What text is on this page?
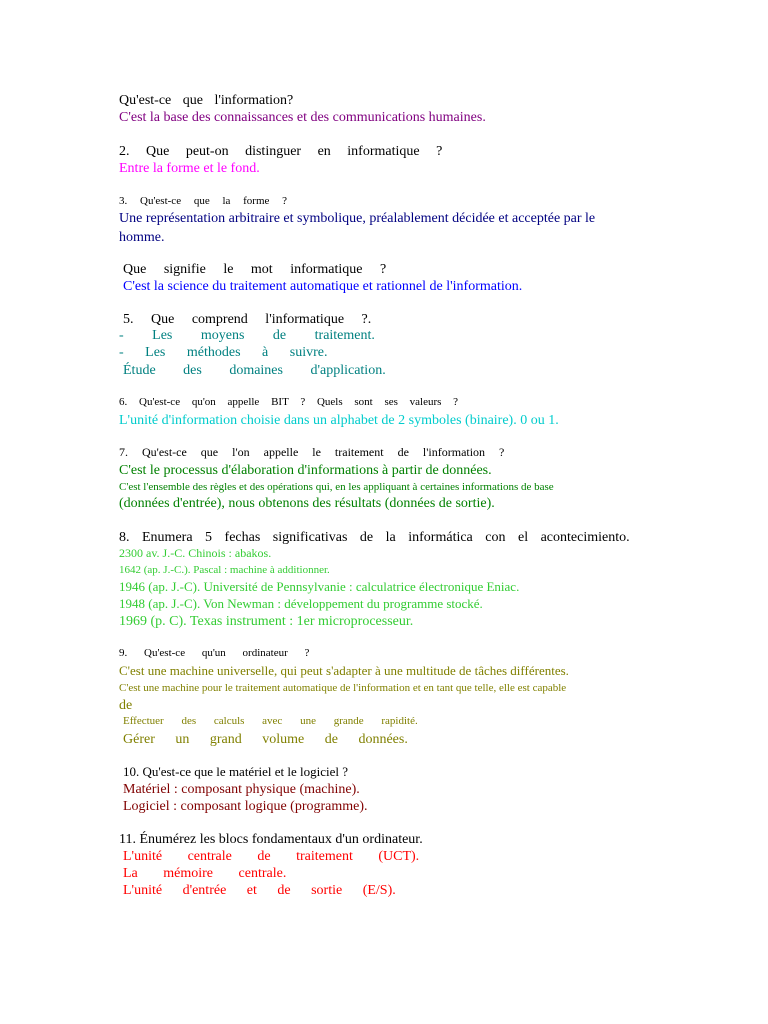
Qu'est-ce que l'information?
C'est la base des connaissances et des communications humaines.
2. Que peut-on distinguer en informatique ?
Entre la forme et le fond.
3. Qu'est-ce que la forme ?
Une représentation arbitraire et symbolique, préalablement décidée et acceptée par le
homme.
Que signifie le mot informatique ?
C'est la science du traitement automatique et rationnel de l'information.
5. Que comprend l'informatique ?.
- Les moyens de traitement.
- Les méthodes à suivre.
Étude des domaines d'application.
6. Qu'est-ce qu'on appelle BIT ? Quels sont ses valeurs ?
L'unité d'information choisie dans un alphabet de 2 symboles (binaire). 0 ou 1.
7. Qu'est-ce que l'on appelle le traitement de l'information ?
C'est le processus d'élaboration d'informations à partir de données.
C'est l'ensemble des règles et des opérations qui, en les appliquant à certaines informations de base
(données d'entrée), nous obtenons des résultats (données de sortie).
8. Enumera 5 fechas significativas de la informática con el acontecimiento.
2300 av. J.-C. Chinois : abakos.
1642 (ap. J.-C.). Pascal : machine à additionner.
1946 (ap. J.-C). Université de Pennsylvanie : calculatrice électronique Eniac.
1948 (ap. J.-C). Von Newman : développement du programme stocké.
1969 (p. C). Texas instrument : 1er microprocesseur.
9. Qu'est-ce qu'un ordinateur ?
C'est une machine universelle, qui peut s'adapter à une multitude de tâches différentes.
C'est une machine pour le traitement automatique de l'information et en tant que telle, elle est capable
de
Effectuer des calculs avec une grande rapidité.
Gérer un grand volume de données.
10. Qu'est-ce que le matériel et le logiciel ?
Matériel : composant physique (machine).
Logiciel : composant logique (programme).
11. Énumérez les blocs fondamentaux d'un ordinateur.
L'unité centrale de traitement (UCT).
La mémoire centrale.
L'unité d'entrée et de sortie (E/S).
